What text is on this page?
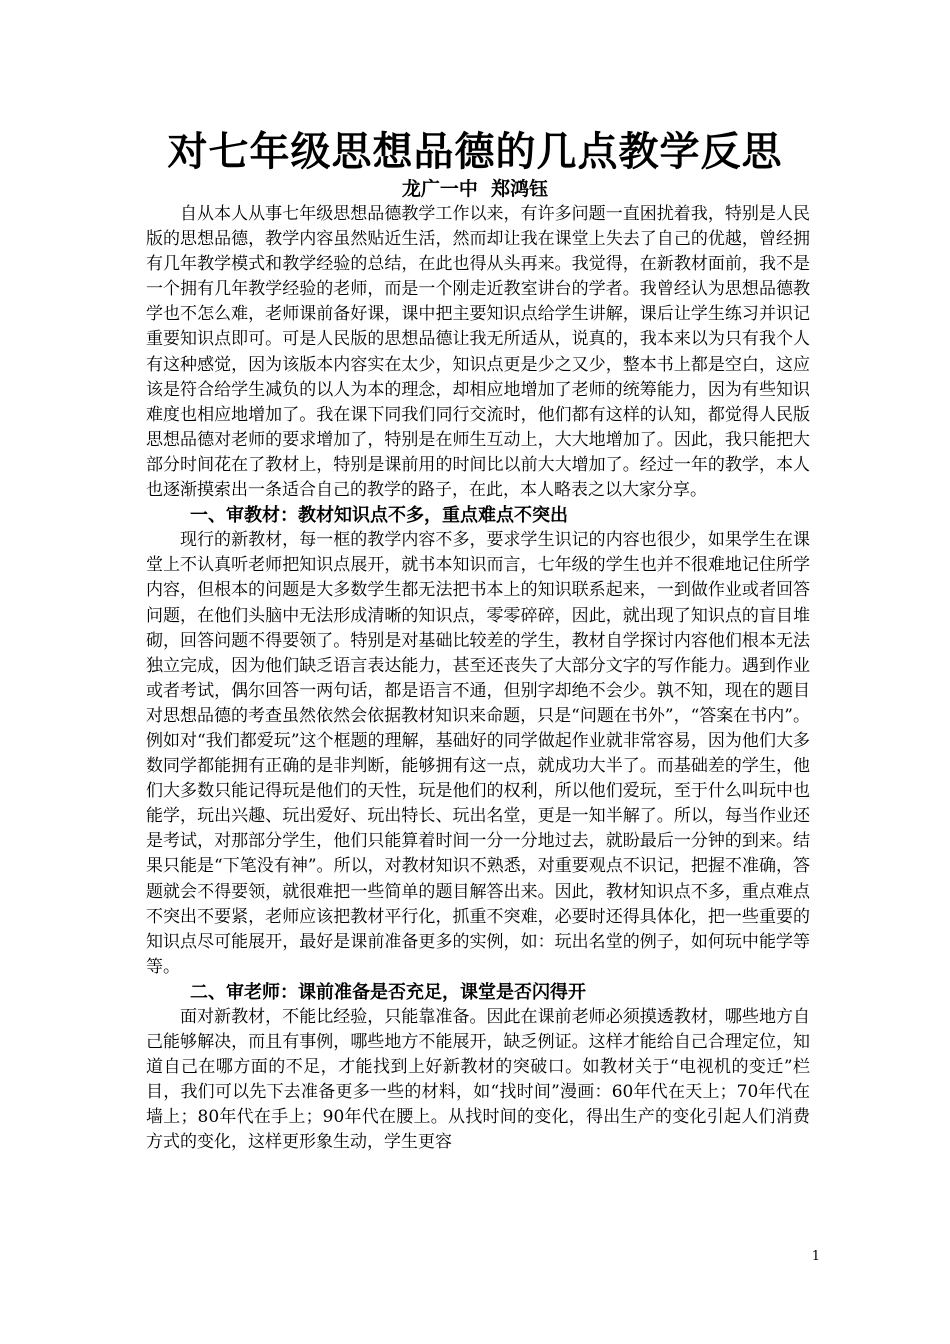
对七年级思想品德的几点教学反思
龙广一中  郑鸿钰

自从本人从事七年级思想品德教学工作以来，有许多问题一直困扰着我，特别是人民版的思想品德，教学内容虽然贴近生活，然而却让我在课堂上失去了自己的优越，曾经拥有几年教学模式和教学经验的总结，在此也得从头再来。我觉得，在新教材面前，我不是一个拥有几年教学经验的老师，而是一个刚走近教室讲台的学者。我曾经认为思想品德教学也不怎么难，老师课前备好课，课中把主要知识点给学生讲解，课后让学生练习并识记重要知识点即可。可是人民版的思想品德让我无所适从，说真的，我本来以为只有我个人有这种感觉，因为该版本内容实在太少，知识点更是少之又少，整本书上都是空白，这应该是符合给学生减负的以人为本的理念，却相应地增加了老师的统筹能力，因为有些知识难度也相应地增加了。我在课下同我们同行交流时，他们都有这样的认知，都觉得人民版思想品德对老师的要求增加了，特别是在师生互动上，大大地增加了。因此，我只能把大部分时间花在了教材上，特别是课前用的时间比以前大大增加了。经过一年的教学，本人也逐渐摸索出一条适合自己的教学的路子，在此，本人略表之以大家分享。

一、审教材：教材知识点不多，重点难点不突出

现行的新教材，每一框的教学内容不多，要求学生识记的内容也很少，如果学生在课堂上不认真听老师把知识点展开，就书本知识而言，七年级的学生也并不很难地记住所学内容，但根本的问题是大多数学生都无法把书本上的知识联系起来，一到做作业或者回答问题，在他们头脑中无法形成清晰的知识点，零零碎碎，因此，就出现了知识点的盲目堆砌，回答问题不得要领了。特别是对基础比较差的学生，教材自学探讨内容他们根本无法独立完成，因为他们缺乏语言表达能力，甚至还丧失了大部分文字的写作能力。遇到作业或者考试，偶尔回答一两句话，都是语言不通，但别字却绝不会少。孰不知，现在的题目对思想品德的考查虽然依然会依据教材知识来命题，只是“问题在书外”，“答案在书内”。例如对“我们都爱玩”这个框题的理解，基础好的同学做起作业就非常容易，因为他们大多数同学都能拥有正确的是非判断，能够拥有这一点，就成功大半了。而基础差的学生，他们大多数只能记得玩是他们的天性，玩是他们的权利，所以他们爱玩，至于什么叫玩中也能学，玩出兴趣、玩出爱好、玩出特长、玩出名堂，更是一知半解了。所以，每当作业还是考试，对那部分学生，他们只能算着时间一分一分地过去，就盼最后一分钟的到来。结果只能是“下笔没有神”。所以，对教材知识不熟悉，对重要观点不识记，把握不准确，答题就会不得要领，就很难把一些简单的题目解答出来。因此，教材知识点不多，重点难点不突出不要紧，老师应该把教材平行化，抓重不突难，必要时还得具体化，把一些重要的知识点尽可能展开，最好是课前准备更多的实例，如：玩出名堂的例子，如何玩中能学等等。

二、审老师：课前准备是否充足，课堂是否闪得开

面对新教材，不能比经验，只能靠准备。因此在课前老师必须摸透教材，哪些地方自己能够解决，而且有事例，哪些地方不能展开，缺乏例证。这样才能给自己合理定位，知道自己在哪方面的不足，才能找到上好新教材的突破口。如教材关于“电视机的变迁”栏目，我们可以先下去准备更多一些的材料，如“找时间”漫画：60年代在天上；70年代在墙上；80年代在手上；90年代在腰上。从找时间的变化，得出生产的变化引起人们消费方式的变化，这样更形象生动，学生更容

1
